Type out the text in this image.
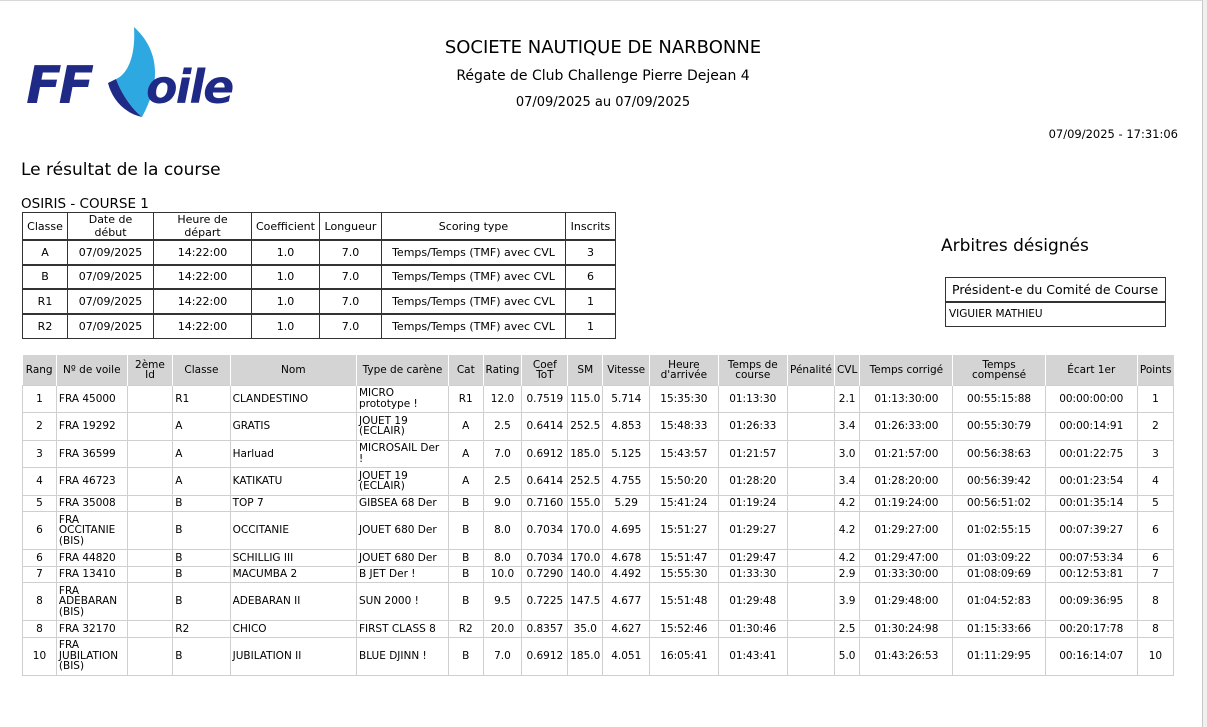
FF oile
SOCIETE NAUTIQUE DE NARBONNE
Régate de Club Challenge Pierre Dejean 4
07/09/2025 au 07/09/2025
07/09/2025 - 17:31:06
Le résultat de la course
OSIRIS - COURSE 1
Classe	Date de début	Heure de départ	Coefficient	Longueur	Scoring type	Inscrits
A	07/09/2025	14:22:00	1.0	7.0	Temps/Temps (TMF) avec CVL	3
B	07/09/2025	14:22:00	1.0	7.0	Temps/Temps (TMF) avec CVL	6
R1	07/09/2025	14:22:00	1.0	7.0	Temps/Temps (TMF) avec CVL	1
R2	07/09/2025	14:22:00	1.0	7.0	Temps/Temps (TMF) avec CVL	1
Arbitres désignés
Président-e du Comité de Course
VIGUIER MATHIEU
Rang	Nº de voile	2ème Id	Classe	Nom	Type de carène	Cat	Rating	Coef ToT	SM	Vitesse	Heure d'arrivée	Temps de course	Pénalité	CVL	Temps corrigé	Temps compensé	Écart 1er	Points
1	FRA 45000		R1	CLANDESTINO	MICRO prototype !	R1	12.0	0.7519	115.0	5.714	15:35:30	01:13:30		2.1	01:13:30:00	00:55:15:88	00:00:00:00	1
2	FRA 19292		A	GRATIS	JOUET 19 (ECLAIR)	A	2.5	0.6414	252.5	4.853	15:48:33	01:26:33		3.4	01:26:33:00	00:55:30:79	00:00:14:91	2
3	FRA 36599		A	Harluad	MICROSAIL Der !	A	7.0	0.6912	185.0	5.125	15:43:57	01:21:57		3.0	01:21:57:00	00:56:38:63	00:01:22:75	3
4	FRA 46723		A	KATIKATU	JOUET 19 (ECLAIR)	A	2.5	0.6414	252.5	4.755	15:50:20	01:28:20		3.4	01:28:20:00	00:56:39:42	00:01:23:54	4
5	FRA 35008		B	TOP 7	GIBSEA 68 Der	B	9.0	0.7160	155.0	5.29	15:41:24	01:19:24		4.2	01:19:24:00	00:56:51:02	00:01:35:14	5
6	FRA OCCITANIE (BIS)		B	OCCITANIE	JOUET 680 Der	B	8.0	0.7034	170.0	4.695	15:51:27	01:29:27		4.2	01:29:27:00	01:02:55:15	00:07:39:27	6
6	FRA 44820		B	SCHILLIG III	JOUET 680 Der	B	8.0	0.7034	170.0	4.678	15:51:47	01:29:47		4.2	01:29:47:00	01:03:09:22	00:07:53:34	6
7	FRA 13410		B	MACUMBA 2	B JET Der !	B	10.0	0.7290	140.0	4.492	15:55:30	01:33:30		2.9	01:33:30:00	01:08:09:69	00:12:53:81	7
8	FRA ADEBARAN (BIS)		B	ADEBARAN II	SUN 2000 !	B	9.5	0.7225	147.5	4.677	15:51:48	01:29:48		3.9	01:29:48:00	01:04:52:83	00:09:36:95	8
8	FRA 32170		R2	CHICO	FIRST CLASS 8	R2	20.0	0.8357	35.0	4.627	15:52:46	01:30:46		2.5	01:30:24:98	01:15:33:66	00:20:17:78	8
10	FRA JUBILATION (BIS)		B	JUBILATION II	BLUE DJINN !	B	7.0	0.6912	185.0	4.051	16:05:41	01:43:41		5.0	01:43:26:53	01:11:29:95	00:16:14:07	10
